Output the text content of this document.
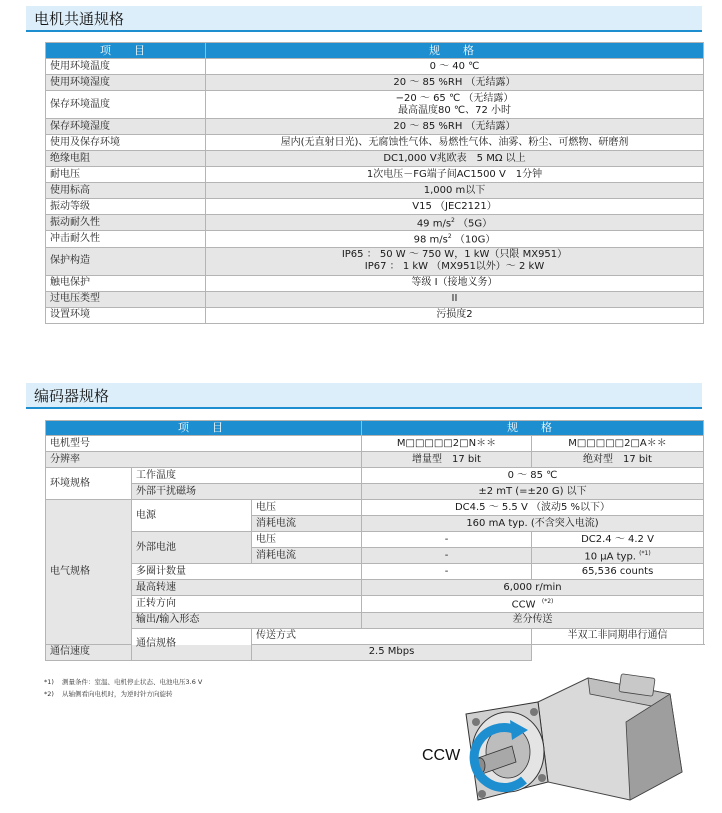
电机共通规格
项　目	规　格
使用环境温度	0 ～ 40 ℃
使用环境湿度	20 ～ 85 %RH （无结露）
保存环境温度	−20 ～ 65 ℃ （无结露）
最高温度80 ℃、72 小时

保存环境湿度	20 ～ 85 %RH （无结露）
使用及保存环境	屋内(无直射日光)、无腐蚀性气体、易燃性气体、油雾、粉尘、可燃物、研磨剂
绝缘电阻	DC1,000 V兆欧表　5 MΩ 以上
耐电压	1次电压－FG端子间AC1500 V　1分钟
使用标高	1,000 m以下
振动等级	V15 （JEC2121）
振动耐久性	49 $m/s^2$ （5G）
冲击耐久性	98 $m/s^2$ （10G）
保护构造	IP65 ： 50 W ～ 750 W，1 kW（只限 MX951）
IP67 ： 1 kW （MX951以外）～ 2 kW

触电保护	等级 I（接地义务）
过电压类型	II
设置环境	污损度2
编码器规格
项　目			规　格	
电机型号			M□□□□□2□N＊＊	M□□□□□2□A＊＊
分辨率			增量型　17 bit	绝对型　17 bit
环境规格	工作温度		0 ～ 85 ℃	
	外部干扰磁场		±2 mT (=±20 G) 以下	
电气规格	电源	电压	DC4.5 ～ 5.5 V （波动5 %以下）	
		消耗电流	160 mA typ. (不含突入电流)	
	外部电池	电压	-	DC2.4 ～ 4.2 V
		消耗电流	-	10 µA typ. $^{(*1)}$
	多圈计数量		-	65,536 counts
	最高转速		6,000 r/min	
	正转方向		CCW $^{(*2)}$
	输出/输入形态		差分传送	
	通信规格	传送方式		半双工非同期串行通信
通信速度		2.5 Mbps		
*1) 测量条件：室温、电机停止状态、电池电压3.6 V
*2) 从轴侧看向电机时，为逆时针方向旋转
CCW
